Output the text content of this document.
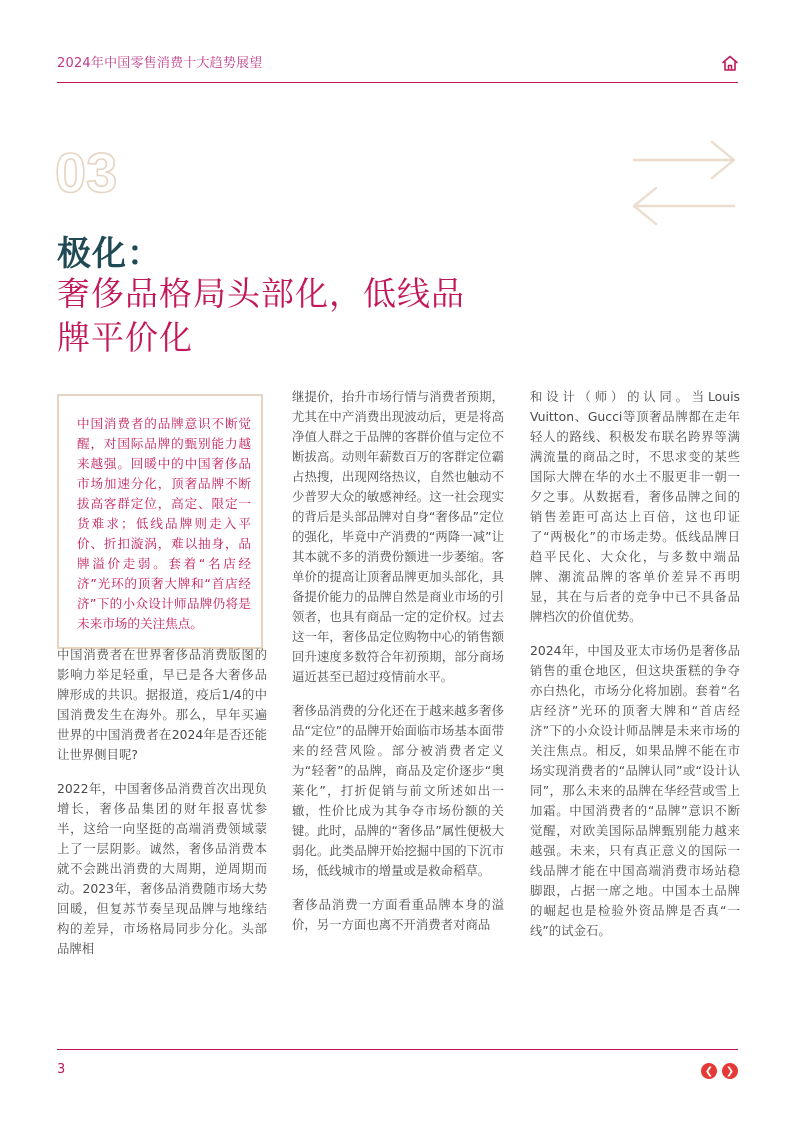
2024年中国零售消费十大趋势展望
03
极化：
奢侈品格局头部化，低线品牌平价化
中国消费者的品牌意识不断觉醒，对国际品牌的甄别能力越来越强。回暖中的中国奢侈品市场加速分化，顶奢品牌不断拔高客群定位，高定、限定一货难求；低线品牌则走入平价、折扣漩涡，难以抽身，品牌溢价走弱。套着“名店经济”光环的顶奢大牌和“首店经济”下的小众设计师品牌仍将是未来市场的关注焦点。

中国消费者在世界奢侈品消费版图的影响力举足轻重，早已是各大奢侈品牌形成的共识。据报道，疫后1/4的中国消费发生在海外。那么，早年买遍世界的中国消费者在2024年是否还能让世界侧目呢?

2022年，中国奢侈品消费首次出现负增长，奢侈品集团的财年报喜忧参半，这给一向坚挺的高端消费领域蒙上了一层阴影。诚然，奢侈品消费本就不会跳出消费的大周期，逆周期而动。2023年，奢侈品消费随市场大势回暖，但复苏节奏呈现品牌与地缘结构的差异，市场格局同步分化。头部品牌相

继提价，抬升市场行情与消费者预期，尤其在中产消费出现波动后，更是将高净值人群之于品牌的客群价值与定位不断拔高。动则年薪数百万的客群定位霸占热搜，出现网络热议，自然也触动不少普罗大众的敏感神经。这一社会现实的背后是头部品牌对自身“奢侈品”定位的强化，毕竟中产消费的“两降一减”让其本就不多的消费份额进一步萎缩。客单价的提高让顶奢品牌更加头部化，具备提价能力的品牌自然是商业市场的引领者，也具有商品一定的定价权。过去这一年，奢侈品定位购物中心的销售额回升速度多数符合年初预期，部分商场逼近甚至已超过疫情前水平。

奢侈品消费的分化还在于越来越多奢侈品“定位”的品牌开始面临市场基本面带来的经营风险。部分被消费者定义为“轻奢”的品牌，商品及定价逐步“奥莱化”，打折促销与前文所述如出一辙，性价比成为其争夺市场份额的关键。此时，品牌的“奢侈品”属性便极大弱化。此类品牌开始挖掘中国的下沉市场，低线城市的增量或是救命稻草。

奢侈品消费一方面看重品牌本身的溢价，另一方面也离不开消费者对商品

和设计（师）的认同。当Louis Vuitton、Gucci等顶奢品牌都在走年轻人的路线、积极发布联名跨界等满满流量的商品之时，不思求变的某些国际大牌在华的水土不服更非一朝一夕之事。从数据看，奢侈品牌之间的销售差距可高达上百倍，这也印证了“两极化”的市场走势。低线品牌日趋平民化、大众化，与多数中端品牌、潮流品牌的客单价差异不再明显，其在与后者的竞争中已不具备品牌档次的价值优势。

2024年，中国及亚太市场仍是奢侈品销售的重仓地区，但这块蛋糕的争夺亦白热化，市场分化将加剧。套着“名店经济”光环的顶奢大牌和“首店经济”下的小众设计师品牌是未来市场的关注焦点。相反，如果品牌不能在市场实现消费者的“品牌认同”或“设计认同”，那么未来的品牌在华经营或雪上加霜。中国消费者的“品牌”意识不断觉醒，对欧美国际品牌甄别能力越来越强。未来，只有真正意义的国际一线品牌才能在中国高端消费市场站稳脚跟，占据一席之地。中国本土品牌的崛起也是检验外资品牌是否真“一线”的试金石。

3	❮ ❯
